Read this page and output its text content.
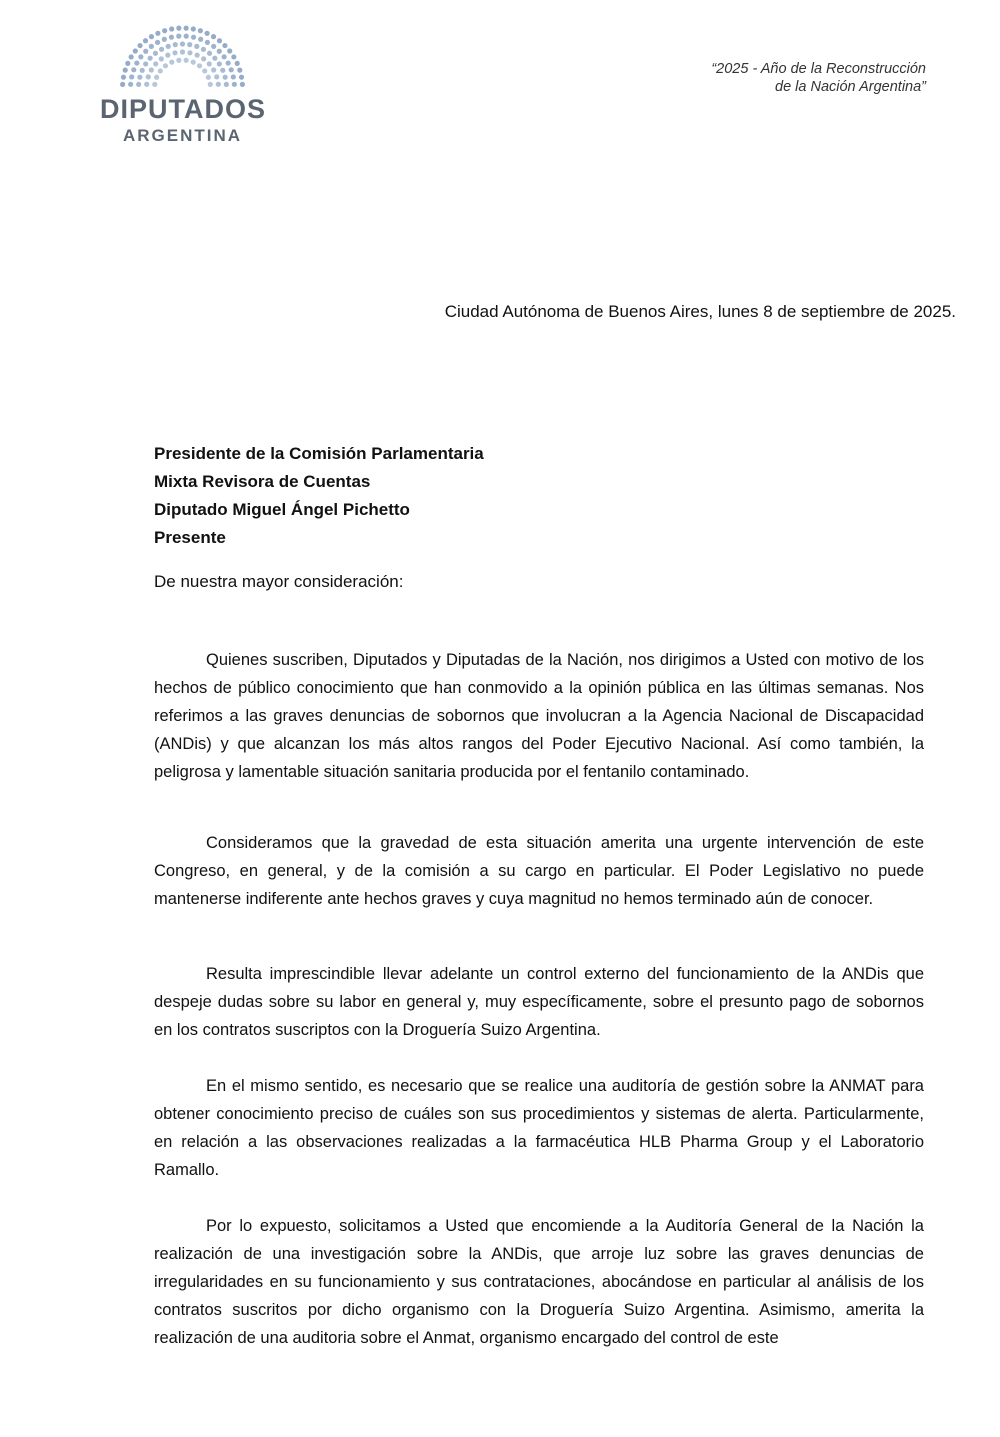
DIPUTADOS
ARGENTINA
“2025 - Año de la Reconstrucción
de la Nación Argentina”
Ciudad Autónoma de Buenos Aires, lunes 8 de septiembre de 2025.
Presidente de la Comisión Parlamentaria
Mixta Revisora de Cuentas
Diputado Miguel Ángel Pichetto
Presente
De nuestra mayor consideración:

Quienes suscriben, Diputados y Diputadas de la Nación, nos dirigimos a Usted con motivo de los hechos de público conocimiento que han conmovido a la opinión pública en las últimas semanas. Nos referimos a las graves denuncias de sobornos que involucran a la Agencia Nacional de Discapacidad (ANDis) y que alcanzan los más altos rangos del Poder Ejecutivo Nacional. Así como también, la peligrosa y lamentable situación sanitaria producida por el fentanilo contaminado.

Consideramos que la gravedad de esta situación amerita una urgente intervención de este Congreso, en general, y de la comisión a su cargo en particular. El Poder Legislativo no puede mantenerse indiferente ante hechos graves y cuya magnitud no hemos terminado aún de conocer.

Resulta imprescindible llevar adelante un control externo del funcionamiento de la ANDis que despeje dudas sobre su labor en general y, muy específicamente, sobre el presunto pago de sobornos en los contratos suscriptos con la Droguería Suizo Argentina.

En el mismo sentido, es necesario que se realice una auditoría de gestión sobre la ANMAT para obtener conocimiento preciso de cuáles son sus procedimientos y sistemas de alerta. Particularmente, en relación a las observaciones realizadas a la farmacéutica HLB Pharma Group y el Laboratorio Ramallo.

Por lo expuesto, solicitamos a Usted que encomiende a la Auditoría General de la Nación la realización de una investigación sobre la ANDis, que arroje luz sobre las graves denuncias de irregularidades en su funcionamiento y sus contrataciones, abocándose en particular al análisis de los contratos suscritos por dicho organismo con la Droguería Suizo Argentina. Asimismo, amerita la realización de una auditoria sobre el Anmat, organismo encargado del control de este
